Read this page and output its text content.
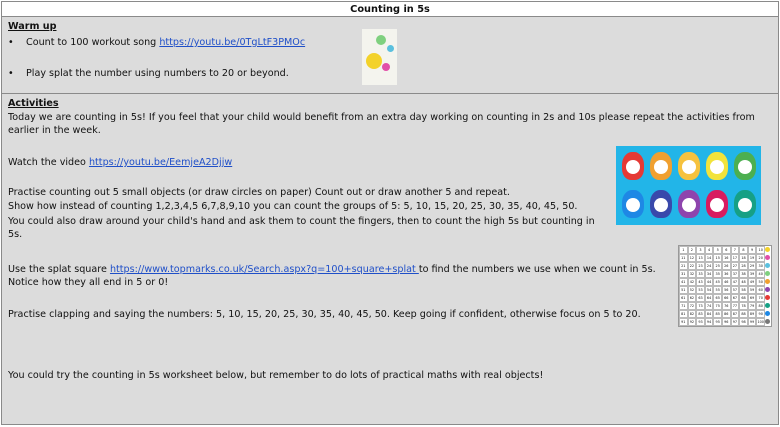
Counting in 5s
Warm up
• Count to 100 workout song https://youtu.be/0TgLtF3PMOc
• Play splat the number using numbers to 20 or beyond.
Activities
Today we are counting in 5s! If you feel that your child would benefit from an extra day working on counting in 2s and 10s please repeat the activities from earlier in the week.
Watch the video https://youtu.be/EemjeA2Djjw
Practise counting out 5 small objects (or draw circles on paper) Count out or draw another 5 and repeat.
Show how instead of counting 1,2,3,4,5 6,7,8,9,10 you can count the groups of 5: 5, 10, 15, 20, 25, 30, 35, 40, 45, 50.
You could also draw around your child's hand and ask them to count the fingers, then to count the high 5s but counting in 5s.
Use the splat square https://www.topmarks.co.uk/Search.aspx?q=100+square+splat to find the numbers we use when we count in 5s. Notice how they all end in 5 or 0!
1	2	3	4	5	6	7	8	9	10
11	12	13	14	15	16	17	18	19	20
21	22	23	24	25	26	27	28	29	30
31	32	33	34	35	36	37	38	39	40
41	42	43	44	45	46	47	48	49	50
51	52	53	54	55	56	57	58	59	60
61	62	63	64	65	66	67	68	69	70
71	72	73	74	75	76	77	78	79	80
81	82	83	84	85	86	87	88	89	90
91	92	93	94	95	96	97	98	99 100
Practise clapping and saying the numbers: 5, 10, 15, 20, 25, 30, 35, 40, 45, 50. Keep going if confident, otherwise focus on 5 to 20.
You could try the counting in 5s worksheet below, but remember to do lots of practical maths with real objects!
